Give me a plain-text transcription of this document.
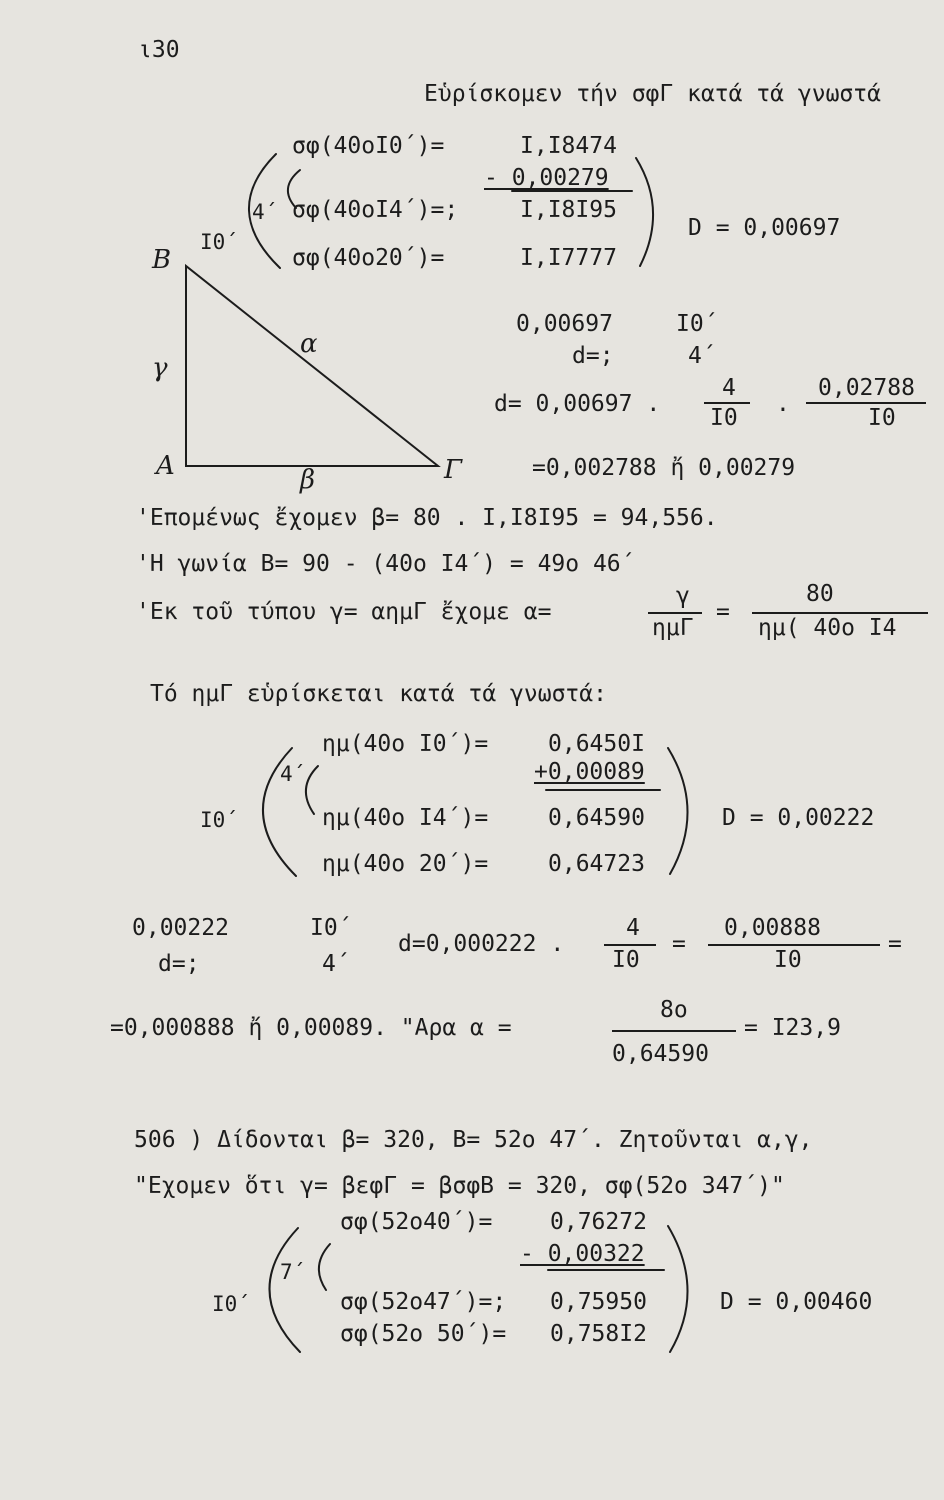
ι30
Εὑρίσκομεν τήν σφΓ κατά τά γνωστά
σφ(40οΙ0΄)=	Ι,Ι8474
- 0,00279
4΄ σφ(40οΙ4΄)=;	Ι,Ι8Ι95
Ι0΄
σφ(40ο20΄)=	Ι,Ι7777
D = 0,00697
B
γ
α
A	β	Γ
0,00697	Ι0΄
d=;	4΄
d= 0,00697 .
4
Ι0
.
0,02788
Ι0
=0,002788 ἤ 0,00279
'Επομένως ἔχομεν β= 80 . Ι,Ι8Ι95 = 94,556.
'Η γωνία Β= 90 - (40ο Ι4΄) = 49ο 46΄
'Εκ τοῦ τύπου γ= αημΓ ἔχομε α=
γ
ημΓ
=
80
ημ( 40ο Ι4
Τό ημΓ εὑρίσκεται κατά τά γνωστά:
ημ(40ο Ι0΄)=	0,6450Ι
4΄	+0,00089
Ι0΄	ημ(40ο Ι4΄)=	0,64590	D = 0,00222
ημ(40ο 20΄)=	0,64723
0,00222	Ι0΄
d=;	4΄
d=0,000222 .
4
Ι0
=
0,00888
Ι0
=
=0,000888 ἤ 0,00089. "Αρα α =
8ο
0,64590
= Ι23,9
506 ) Δίδονται β= 320, Β= 52ο 47΄. Ζητοῦνται α,γ,
"Εχομεν ὅτι γ= βεφΓ = βσφΒ = 320, σφ(52ο 347΄)"
σφ(52ο40΄)=	0,76272
- 0,00322
7΄
Ι0΄	σφ(52ο47΄)=; 0,75950	D = 0,00460
σφ(52ο 50΄)= 0,758Ι2
